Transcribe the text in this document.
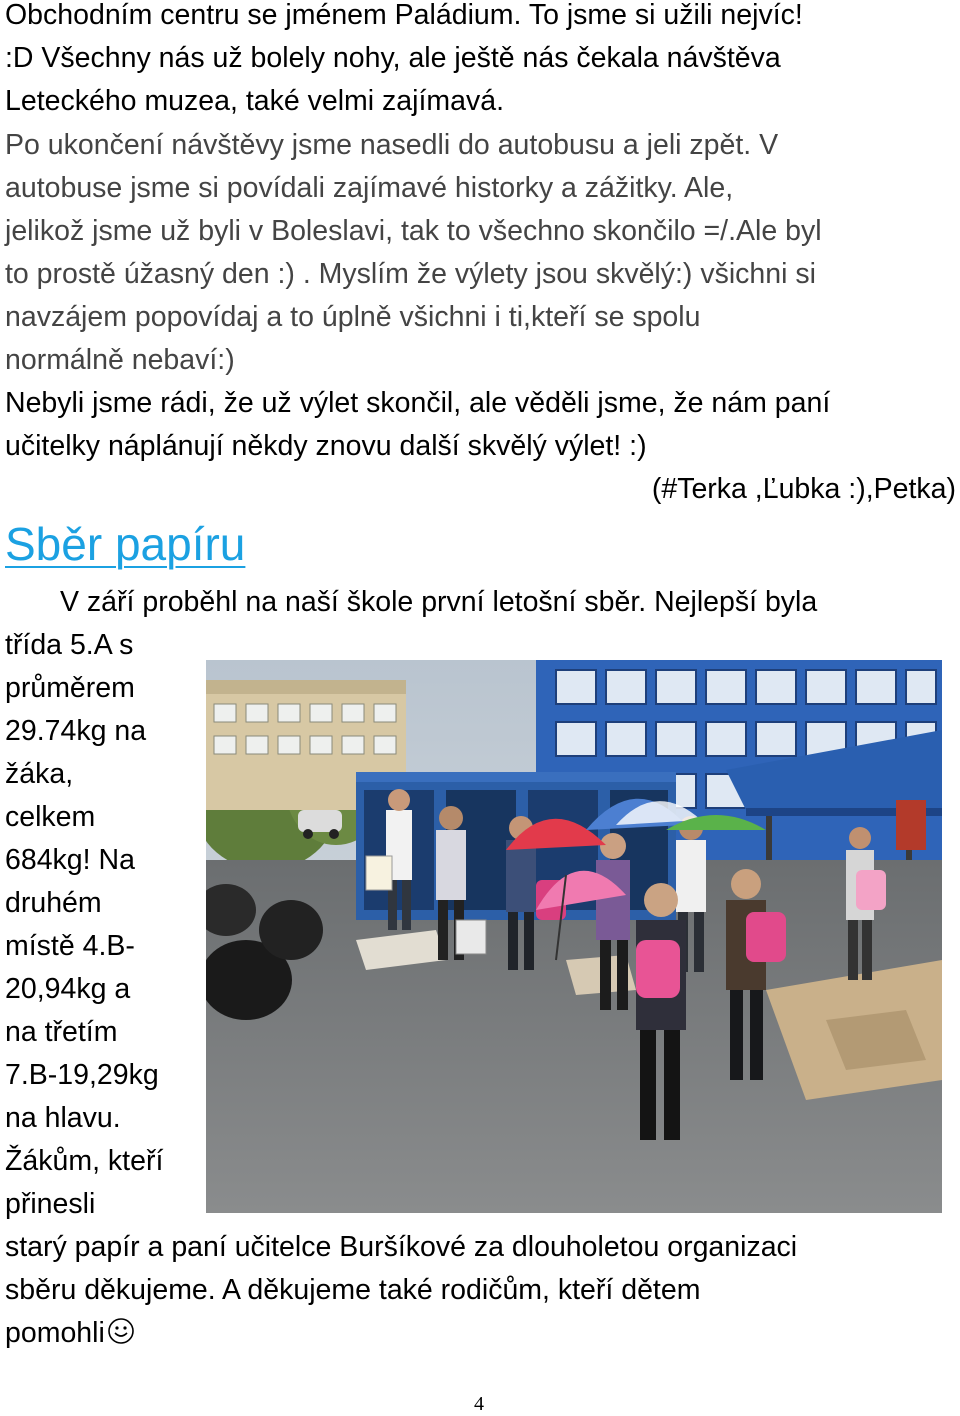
Obchodním centru se jménem Paládium. To jsme si užili nejvíc!
:D Všechny nás už bolely nohy, ale ještě nás čekala návštěva
Leteckého muzea, také velmi zajímavá.
Po ukončení návštěvy jsme nasedli do autobusu a jeli zpět. V
autobuse jsme si povídali zajímavé historky a zážitky. Ale,
jelikož jsme už byli v Boleslavi, tak to všechno skončilo =/.Ale byl
to prostě úžasný den :) . Myslím že výlety jsou skvělý:) všichni si
navzájem popovídaj a to úplně všichni i ti,kteří se spolu
normálně nebaví:)
Nebyli jsme rádi, že už výlet skončil, ale věděli jsme, že nám paní
učitelky náplánují někdy znovu další skvělý výlet! :)
(#Terka ,Ľubka :),Petka)
Sběr papíru
V září proběhl na naší škole první letošní sběr. Nejlepší byla
třída 5.A s
průměrem
29.74kg na
žáka,
celkem
684kg! Na
druhém
místě 4.B-
20,94kg a
na třetím
7.B-19,29kg
na hlavu.
Žákům, kteří
přinesli
starý papír a paní učitelce Buršíkové za dlouholetou organizaci
sběru děkujeme. A děkujeme také rodičům, kteří dětem
pomohli
4
